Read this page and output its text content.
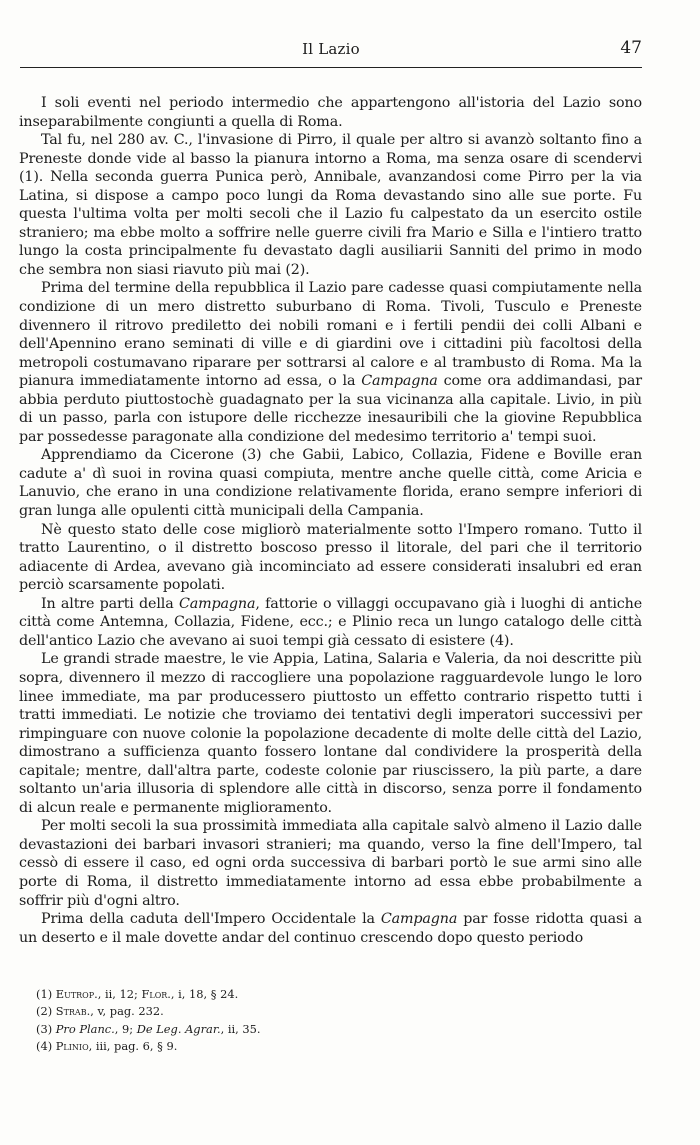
Il Lazio	47

I soli eventi nel periodo intermedio che appartengono all'istoria del Lazio sono inseparabilmente congiunti a quella di Roma.

Tal fu, nel 280 av. C., l'invasione di Pirro, il quale per altro si avanzò soltanto fino a Preneste donde vide al basso la pianura intorno a Roma, ma senza osare di scendervi (1). Nella seconda guerra Punica però, Annibale, avanzandosi come Pirro per la via Latina, si dispose a campo poco lungi da Roma devastando sino alle sue porte. Fu questa l'ultima volta per molti secoli che il Lazio fu calpestato da un esercito ostile straniero; ma ebbe molto a soffrire nelle guerre civili fra Mario e Silla e l'intiero tratto lungo la costa principalmente fu devastato dagli ausiliarii Sanniti del primo in modo che sembra non siasi riavuto più mai (2).

Prima del termine della repubblica il Lazio pare cadesse quasi compiutamente nella condizione di un mero distretto suburbano di Roma. Tivoli, Tusculo e Preneste divennero il ritrovo prediletto dei nobili romani e i fertili pendii dei colli Albani e dell'Apennino erano seminati di ville e di giardini ove i cittadini più facoltosi della metropoli costumavano riparare per sottrarsi al calore e al trambusto di Roma. Ma la pianura immediatamente intorno ad essa, o la Campagna come ora addimandasi, par abbia perduto piuttostochè guadagnato per la sua vicinanza alla capitale. Livio, in più di un passo, parla con istupore delle ricchezze inesauribili che la giovine Repubblica par possedesse paragonate alla condizione del medesimo territorio a' tempi suoi.

Apprendiamo da Cicerone (3) che Gabii, Labico, Collazia, Fidene e Boville eran cadute a' dì suoi in rovina quasi compiuta, mentre anche quelle città, come Aricia e Lanuvio, che erano in una condizione relativamente florida, erano sempre inferiori di gran lunga alle opulenti città municipali della Campania.

Nè questo stato delle cose migliorò materialmente sotto l'Impero romano. Tutto il tratto Laurentino, o il distretto boscoso presso il litorale, del pari che il territorio adiacente di Ardea, avevano già incominciato ad essere considerati insalubri ed eran perciò scarsamente popolati.

In altre parti della Campagna, fattorie o villaggi occupavano già i luoghi di antiche città come Antemna, Collazia, Fidene, ecc.; e Plinio reca un lungo catalogo delle città dell'antico Lazio che avevano ai suoi tempi già cessato di esistere (4).

Le grandi strade maestre, le vie Appia, Latina, Salaria e Valeria, da noi descritte più sopra, divennero il mezzo di raccogliere una popolazione ragguardevole lungo le loro linee immediate, ma par producessero piuttosto un effetto contrario rispetto tutti i tratti immediati. Le notizie che troviamo dei tentativi degli imperatori successivi per rimpinguare con nuove colonie la popolazione decadente di molte delle città del Lazio, dimostrano a sufficienza quanto fossero lontane dal condividere la prosperità della capitale; mentre, dall'altra parte, codeste colonie par riuscissero, la più parte, a dare soltanto un'aria illusoria di splendore alle città in discorso, senza porre il fondamento di alcun reale e permanente miglioramento.

Per molti secoli la sua prossimità immediata alla capitale salvò almeno il Lazio dalle devastazioni dei barbari invasori stranieri; ma quando, verso la fine dell'Impero, tal cessò di essere il caso, ed ogni orda successiva di barbari portò le sue armi sino alle porte di Roma, il distretto immediatamente intorno ad essa ebbe probabilmente a soffrir più d'ogni altro.

Prima della caduta dell'Impero Occidentale la Campagna par fosse ridotta quasi a un deserto e il male dovette andar del continuo crescendo dopo questo periodo

(1) Eutrop., ii, 12; Flor., i, 18, § 24.
(2) Strab., v, pag. 232.
(3) Pro Planc., 9; De Leg. Agrar., ii, 35.
(4) Plinio, iii, pag. 6, § 9.
